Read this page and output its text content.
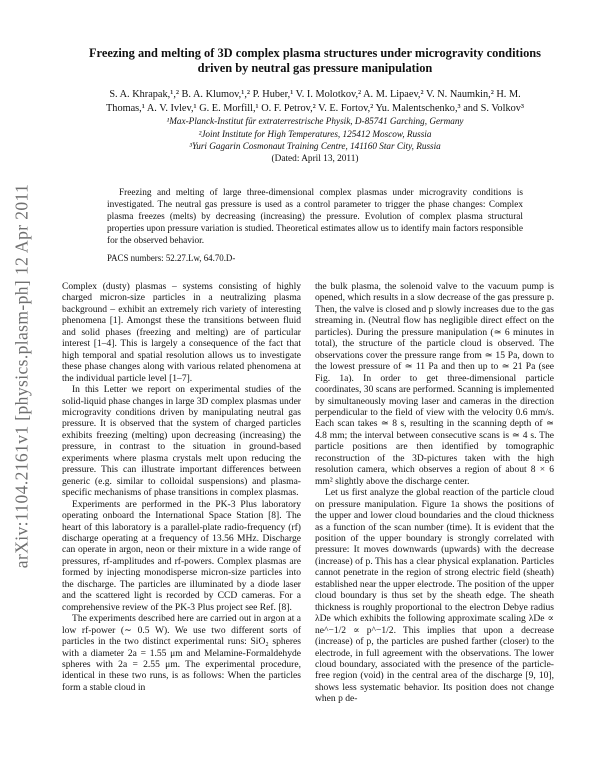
arXiv:1104.2161v1 [physics.plasm-ph] 12 Apr 2011
Freezing and melting of 3D complex plasma structures under microgravity conditions
driven by neutral gas pressure manipulation
S. A. Khrapak,¹,² B. A. Klumov,¹,² P. Huber,¹ V. I. Molotkov,² A. M. Lipaev,² V. N. Naumkin,² H. M.
Thomas,¹ A. V. Ivlev,¹ G. E. Morfill,¹ O. F. Petrov,² V. E. Fortov,² Yu. Malentschenko,³ and S. Volkov³
¹Max-Planck-Institut für extraterrestrische Physik, D-85741 Garching, Germany
²Joint Institute for High Temperatures, 125412 Moscow, Russia
³Yuri Gagarin Cosmonaut Training Centre, 141160 Star City, Russia
(Dated: April 13, 2011)
Freezing and melting of large three-dimensional complex plasmas under microgravity conditions is investigated. The neutral gas pressure is used as a control parameter to trigger the phase changes: Complex plasma freezes (melts) by decreasing (increasing) the pressure. Evolution of complex plasma structural properties upon pressure variation is studied. Theoretical estimates allow us to identify main factors responsible for the observed behavior.
PACS numbers: 52.27.Lw, 64.70.D-

Complex (dusty) plasmas – systems consisting of highly charged micron-size particles in a neutralizing plasma background – exhibit an extremely rich variety of interesting phenomena [1]. Amongst these the transitions between fluid and solid phases (freezing and melting) are of particular interest [1–4]. This is largely a consequence of the fact that high temporal and spatial resolution allows us to investigate these phase changes along with various related phenomena at the individual particle level [1–7].

In this Letter we report on experimental studies of the solid-liquid phase changes in large 3D complex plasmas under microgravity conditions driven by manipulating neutral gas pressure. It is observed that the system of charged particles exhibits freezing (melting) upon decreasing (increasing) the pressure, in contrast to the situation in ground-based experiments where plasma crystals melt upon reducing the pressure. This can illustrate important differences between generic (e.g. similar to colloidal suspensions) and plasma-specific mechanisms of phase transitions in complex plasmas.

Experiments are performed in the PK-3 Plus laboratory operating onboard the International Space Station [8]. The heart of this laboratory is a parallel-plate radio-frequency (rf) discharge operating at a frequency of 13.56 MHz. Discharge can operate in argon, neon or their mixture in a wide range of pressures, rf-amplitudes and rf-powers. Complex plasmas are formed by injecting monodisperse micron-size particles into the discharge. The particles are illuminated by a diode laser and the scattered light is recorded by CCD cameras. For a comprehensive review of the PK-3 Plus project see Ref. [8].

The experiments described here are carried out in argon at a low rf-power (∼ 0.5 W). We use two different sorts of particles in the two distinct experimental runs: SiO₂ spheres with a diameter 2a = 1.55 μm and Melamine-Formaldehyde spheres with 2a = 2.55 μm. The experimental procedure, identical in these two runs, is as follows: When the particles form a stable cloud in

the bulk plasma, the solenoid valve to the vacuum pump is opened, which results in a slow decrease of the gas pressure p. Then, the valve is closed and p slowly increases due to the gas streaming in. (Neutral flow has negligible direct effect on the particles). During the pressure manipulation (≃ 6 minutes in total), the structure of the particle cloud is observed. The observations cover the pressure range from ≃ 15 Pa, down to the lowest pressure of ≃ 11 Pa and then up to ≃ 21 Pa (see Fig. 1a). In order to get three-dimensional particle coordinates, 30 scans are performed. Scanning is implemented by simultaneously moving laser and cameras in the direction perpendicular to the field of view with the velocity 0.6 mm/s. Each scan takes ≃ 8 s, resulting in the scanning depth of ≃ 4.8 mm; the interval between consecutive scans is ≃ 4 s. The particle positions are then identified by tomographic reconstruction of the 3D-pictures taken with the high resolution camera, which observes a region of about 8 × 6 mm² slightly above the discharge center.

Let us first analyze the global reaction of the particle cloud on pressure manipulation. Figure 1a shows the positions of the upper and lower cloud boundaries and the cloud thickness as a function of the scan number (time). It is evident that the position of the upper boundary is strongly correlated with pressure: It moves downwards (upwards) with the decrease (increase) of p. This has a clear physical explanation. Particles cannot penetrate in the region of strong electric field (sheath) established near the upper electrode. The position of the upper cloud boundary is thus set by the sheath edge. The sheath thickness is roughly proportional to the electron Debye radius λDe which exhibits the following approximate scaling λDe ∝ ne^−1/2 ∝ p^−1/2. This implies that upon a decrease (increase) of p, the particles are pushed farther (closer) to the electrode, in full agreement with the observations. The lower cloud boundary, associated with the presence of the particle-free region (void) in the central area of the discharge [9, 10], shows less systematic behavior. Its position does not change when p de-
